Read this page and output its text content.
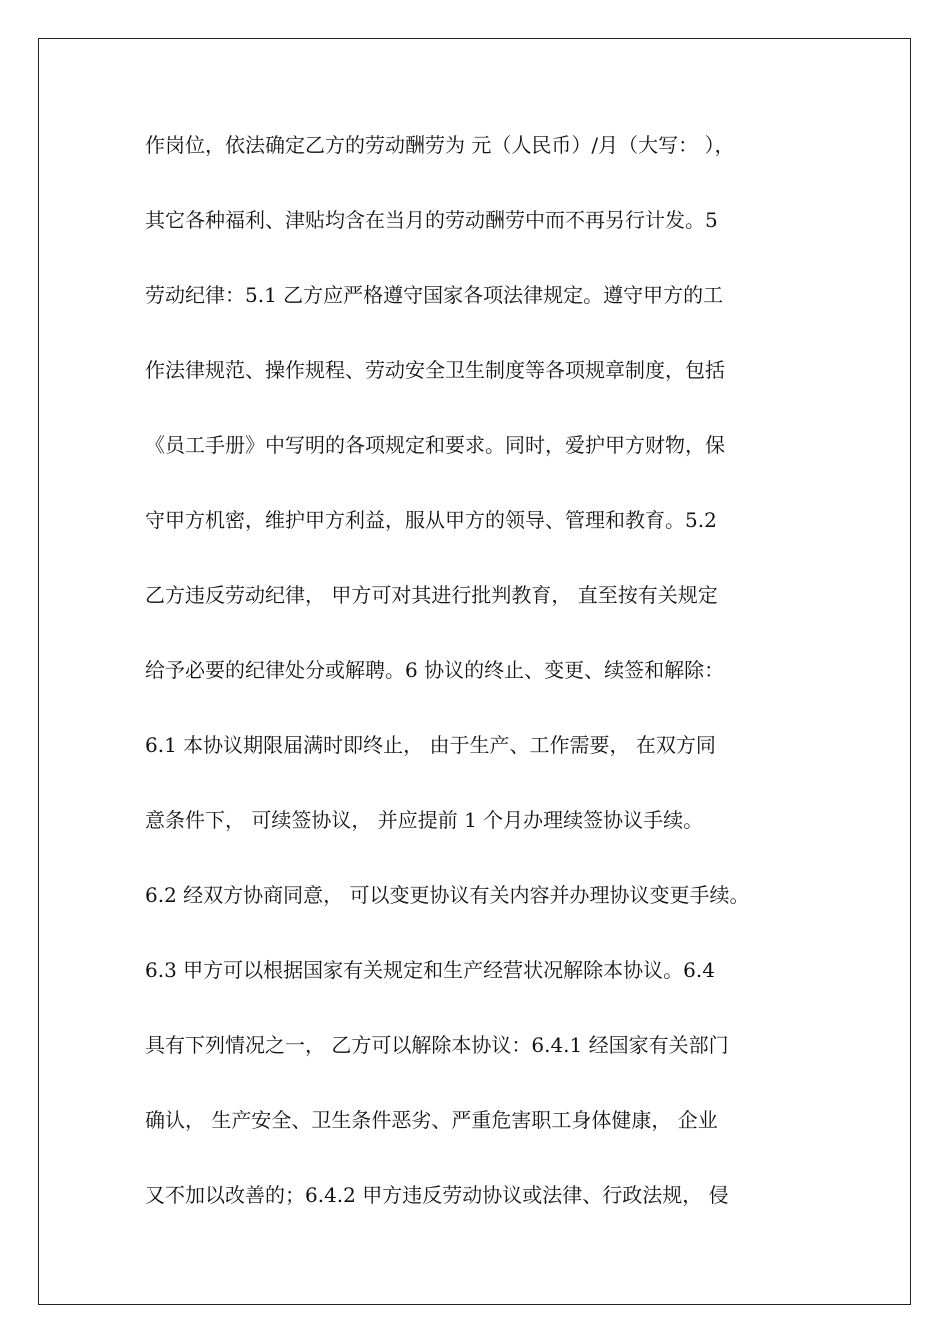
作岗位，依法确定乙方的劳动酬劳为 元（人民币）/月（大写： ），
其它各种福利、津贴均含在当月的劳动酬劳中而不再另行计发。5
劳动纪律：5.1 乙方应严格遵守国家各项法律规定。遵守甲方的工
作法律规范、操作规程、劳动安全卫生制度等各项规章制度，包括
《员工手册》中写明的各项规定和要求。同时，爱护甲方财物，保
守甲方机密，维护甲方利益，服从甲方的领导、管理和教育。5.2
乙方违反劳动纪律， 甲方可对其进行批判教育， 直至按有关规定
给予必要的纪律处分或解聘。6 协议的终止、变更、续签和解除：
6.1 本协议期限届满时即终止， 由于生产、工作需要， 在双方同
意条件下， 可续签协议， 并应提前 1 个月办理续签协议手续。
6.2 经双方协商同意， 可以变更协议有关内容并办理协议变更手续。
6.3 甲方可以根据国家有关规定和生产经营状况解除本协议。6.4
具有下列情况之一， 乙方可以解除本协议：6.4.1 经国家有关部门
确认， 生产安全、卫生条件恶劣、严重危害职工身体健康， 企业
又不加以改善的；6.4.2 甲方违反劳动协议或法律、行政法规， 侵
